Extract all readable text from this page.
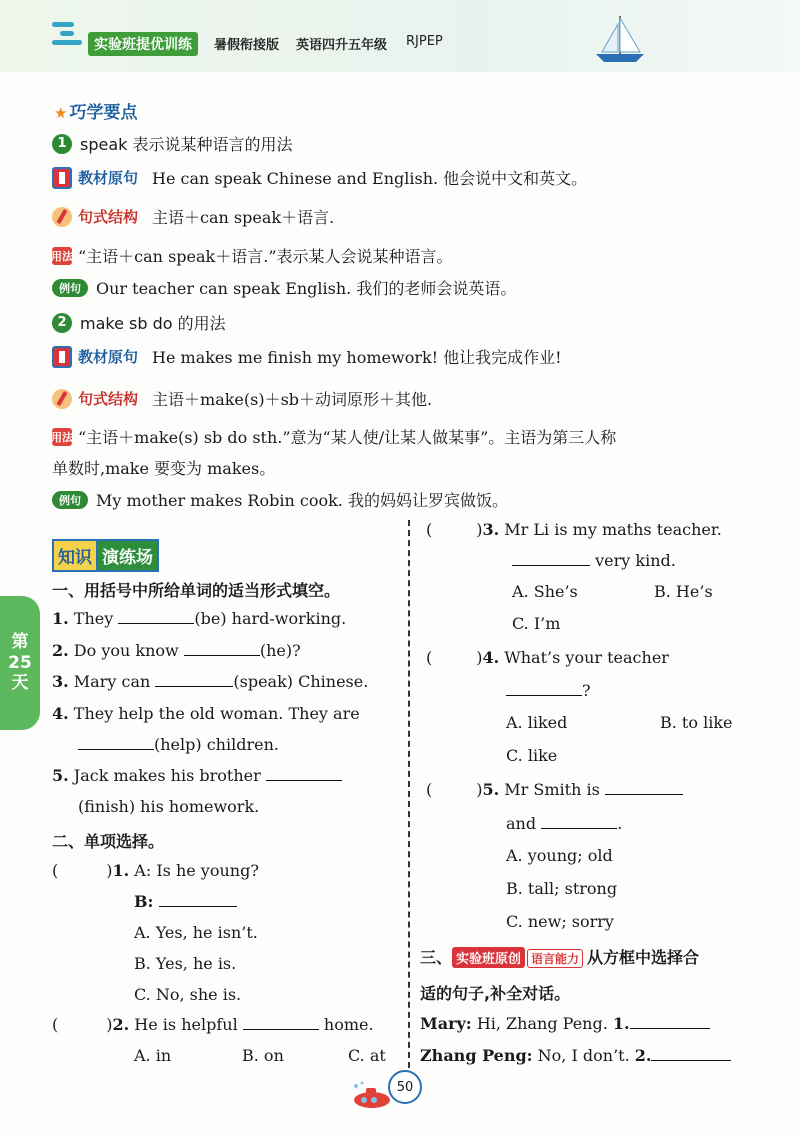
实验班提优训练	暑假衔接版 英语四升五年级 RJPEP
★ 巧学要点
1 speak 表示说某种语言的用法
教材原句 He can speak Chinese and English. 他会说中文和英文。
句式结构 主语＋can speak＋语言.
用法 “主语＋can speak＋语言.”表示某人会说某种语言。
例句 Our teacher can speak English. 我们的老师会说英语。
2 make sb do 的用法
教材原句 He makes me finish my homework! 他让我完成作业!
句式结构 主语＋make(s)＋sb＋动词原形＋其他.
用法 “主语＋make(s) sb do sth.”意为“某人使/让某人做某事”。主语为第三人称
单数时,make 要变为 makes。
例句 My mother makes Robin cook. 我的妈妈让罗宾做饭。
第
25
天
知识 演练场
一、用括号中所给单词的适当形式填空。
1. They	(be) hard-working.
2. Do you know	(he)?
3. Mary can	(speak) Chinese.
4. They help the old woman. They are
(help) children.
5. Jack makes his brother
(finish) his homework.
二、单项选择。
(	)1. A: Is he young?
B:
A. Yes, he isn’t.
B. Yes, he is.
C. No, she is.
(	)2. He is helpful	home.
A. in	B. on	C. at
(	)3. Mr Li is my maths teacher.
very kind.
A. She’s	B. He’s
C. I’m
(	)4. What’s your teacher
?
A. liked	B. to like
C. like
(	)5. Mr Smith is
and	.
A. young; old
B. tall; strong
C. new; sorry
三、 实验班原创 语言能力 从方框中选择合
适的句子,补全对话。
Mary: Hi, Zhang Peng. 1.
Zhang Peng: No, I don’t. 2.
50
